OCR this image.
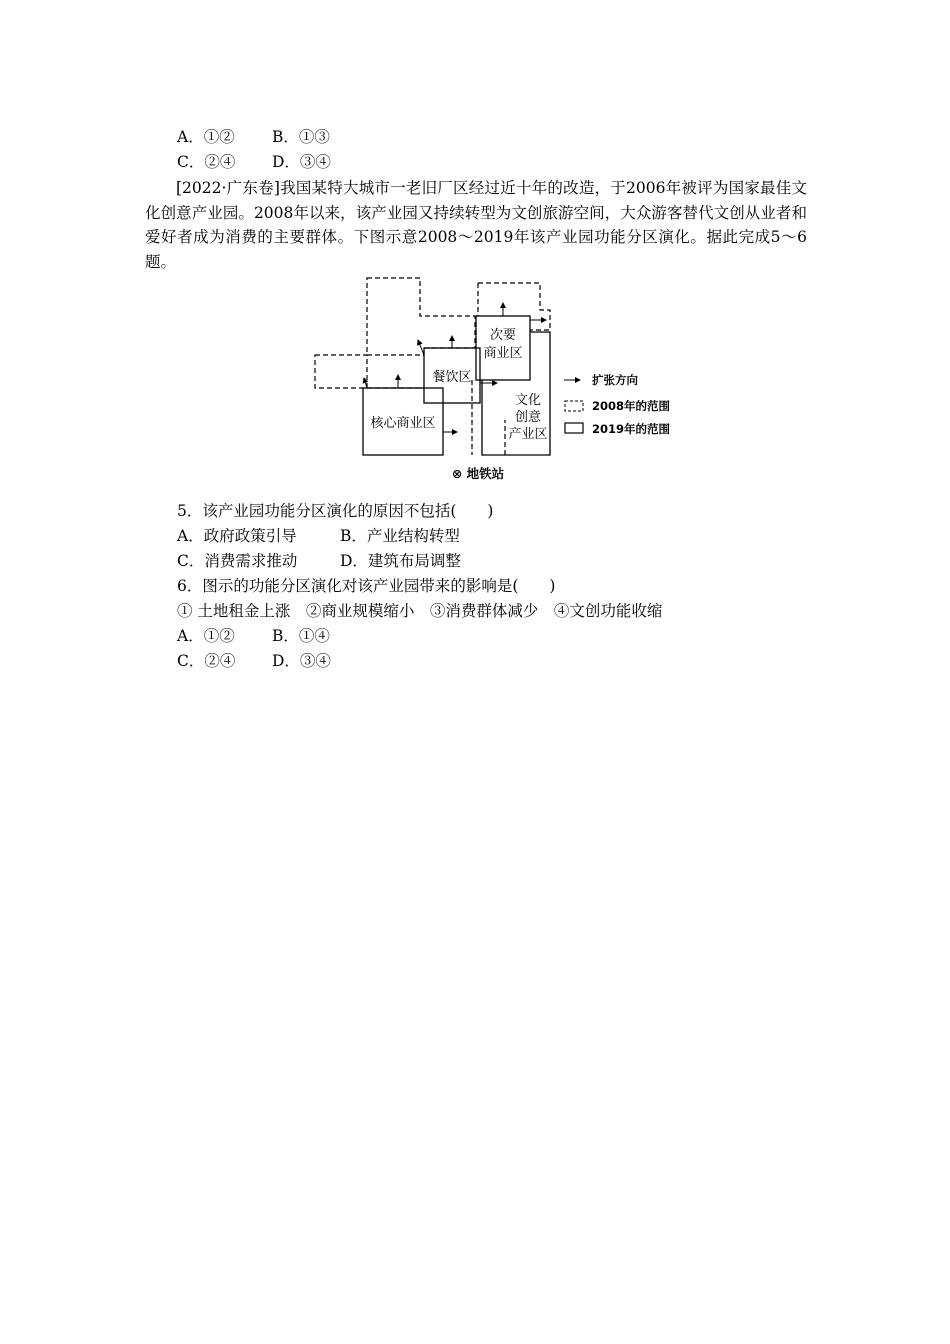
A．①② B．①③
C．②④ D．③④
[2022·广东卷]我国某特大城市一老旧厂区经过近十年的改造，于2006年被评为国家最佳文化创意产业园。2008年以来，该产业园又持续转型为文创旅游空间，大众游客替代文创从业者和爱好者成为消费的主要群体。下图示意2008～2019年该产业园功能分区演化。据此完成5～6题。
核心商业区
餐饮区
次要
商业区
文化
创意
产业区
扩张方向
2008年的范围
2019年的范围
⊗ 地铁站
5．该产业园功能分区演化的原因不包括(　　)
A．政府政策引导	B．产业结构转型
C．消费需求推动	D．建筑布局调整
6．图示的功能分区演化对该产业园带来的影响是(　　)
① 土地租金上涨　②商业规模缩小　③消费群体减少　④文创功能收缩
A．①② B．①④
C．②④ D．③④
